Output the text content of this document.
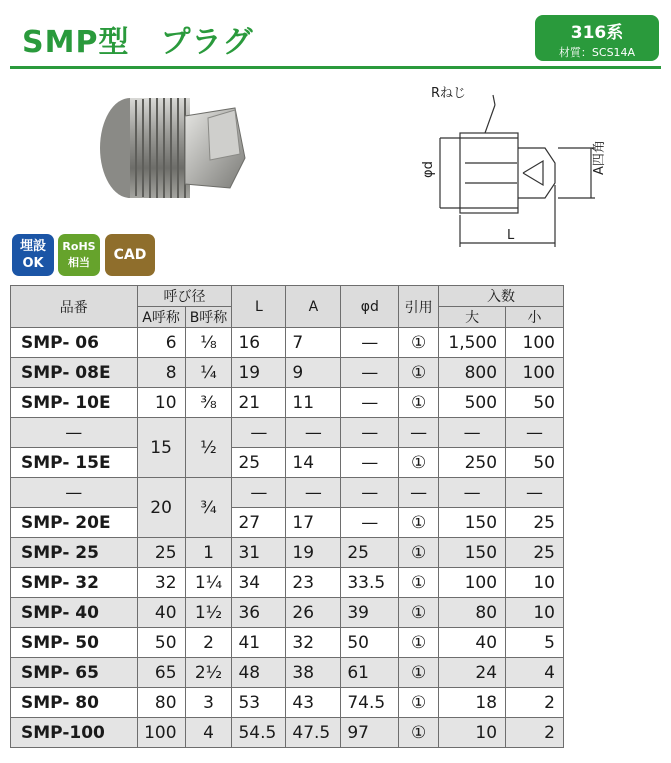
SMP型　プラグ	316系
材質：SCS14A
Rねじ
L
φd	A四角
埋設
OK
RoHS
相当	CAD
品番	呼び径		L	A	φd	引用	入数	
	A呼称	B呼称					大	小
SMP- 06	6	⅛	16	7	—	①	1,500	100
SMP- 08E	8	¼	19	9	—	①	800	100
SMP- 10E	10	⅜	21	11	—	①	500	50
—	15	½	—	—	—	—	—	—
SMP- 15E			25	14	—	①	250	50
—	20	¾	—	—	—	—	—	—
SMP- 20E			27	17	—	①	150	25
SMP- 25	25	1	31	19	25	①	150	25
SMP- 32	32	1¼	34	23	33.5	①	100	10
SMP- 40	40	1½	36	26	39	①	80	10
SMP- 50	50	2	41	32	50	①	40	5
SMP- 65	65	2½	48	38	61	①	24	4
SMP- 80	80	3	53	43	74.5	①	18	2
SMP-100	100	4	54.5	47.5	97	①	10	2
